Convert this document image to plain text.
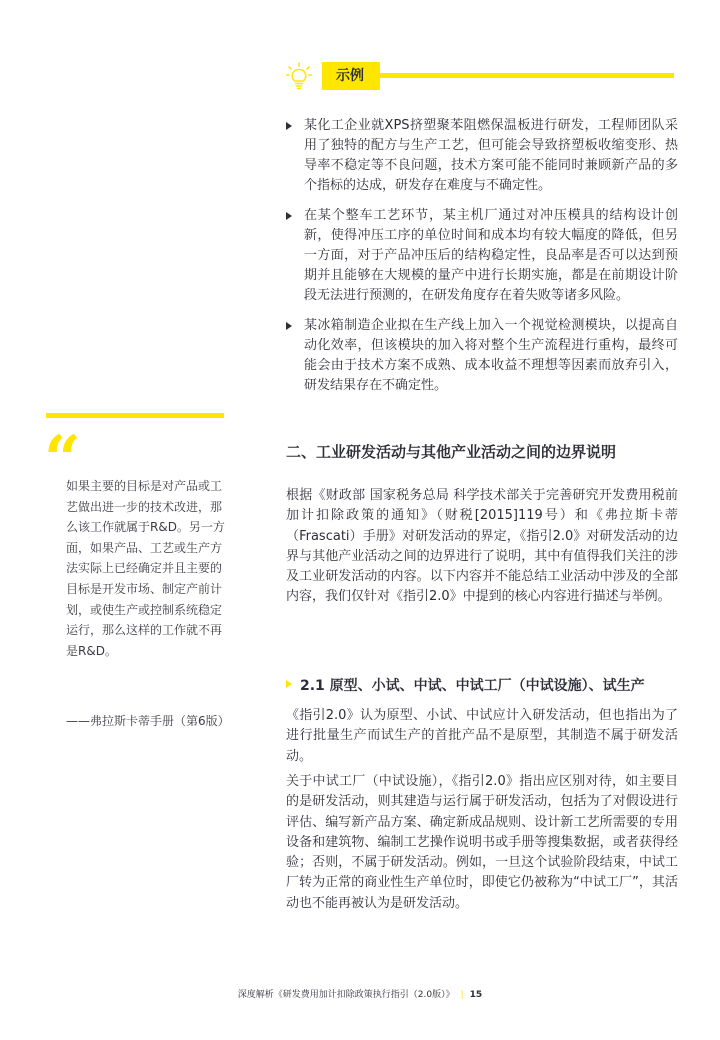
示例
某化工企业就XPS挤塑聚苯阻燃保温板进行研发，工程师团队采用了独特的配方与生产工艺，但可能会导致挤塑板收缩变形、热导率不稳定等不良问题，技术方案可能不能同时兼顾新产品的多个指标的达成，研发存在难度与不确定性。
在某个整车工艺环节，某主机厂通过对冲压模具的结构设计创新，使得冲压工序的单位时间和成本均有较大幅度的降低，但另一方面，对于产品冲压后的结构稳定性，良品率是否可以达到预期并且能够在大规模的量产中进行长期实施，都是在前期设计阶段无法进行预测的，在研发角度存在着失败等诸多风险。
某冰箱制造企业拟在生产线上加入一个视觉检测模块，以提高自动化效率，但该模块的加入将对整个生产流程进行重构，最终可能会由于技术方案不成熟、成本收益不理想等因素而放弃引入，研发结果存在不确定性。
“

如果主要的目标是对产品或工艺做出进一步的技术改进，那么该工作就属于R&D。另一方面，如果产品、工艺或生产方法实际上已经确定并且主要的目标是开发市场、制定产前计划，或使生产或控制系统稳定运行，那么这样的工作就不再是R&D。

——弗拉斯卡蒂手册（第6版）
二、工业研发活动与其他产业活动之间的边界说明

根据《财政部 国家税务总局 科学技术部关于完善研究开发费用税前加计扣除政策的通知》（财税[2015]119号）和《弗拉斯卡蒂（Frascati）手册》对研发活动的界定，《指引2.0》对研发活动的边界与其他产业活动之间的边界进行了说明，其中有值得我们关注的涉及工业研发活动的内容。以下内容并不能总结工业活动中涉及的全部内容，我们仅针对《指引2.0》中提到的核心内容进行描述与举例。

2.1 原型、小试、中试、中试工厂（中试设施）、试生产

《指引2.0》认为原型、小试、中试应计入研发活动，但也指出为了进行批量生产而试生产的首批产品不是原型，其制造不属于研发活动。

关于中试工厂（中试设施），《指引2.0》指出应区别对待，如主要目的是研发活动，则其建造与运行属于研发活动，包括为了对假设进行评估、编写新产品方案、确定新成品规则、设计新工艺所需要的专用设备和建筑物、编制工艺操作说明书或手册等搜集数据，或者获得经验；否则，不属于研发活动。例如，一旦这个试验阶段结束，中试工厂转为正常的商业性生产单位时，即使它仍被称为“中试工厂”，其活动也不能再被认为是研发活动。

深度解析《研发费用加计扣除政策执行指引（2.0版）》 | 15
